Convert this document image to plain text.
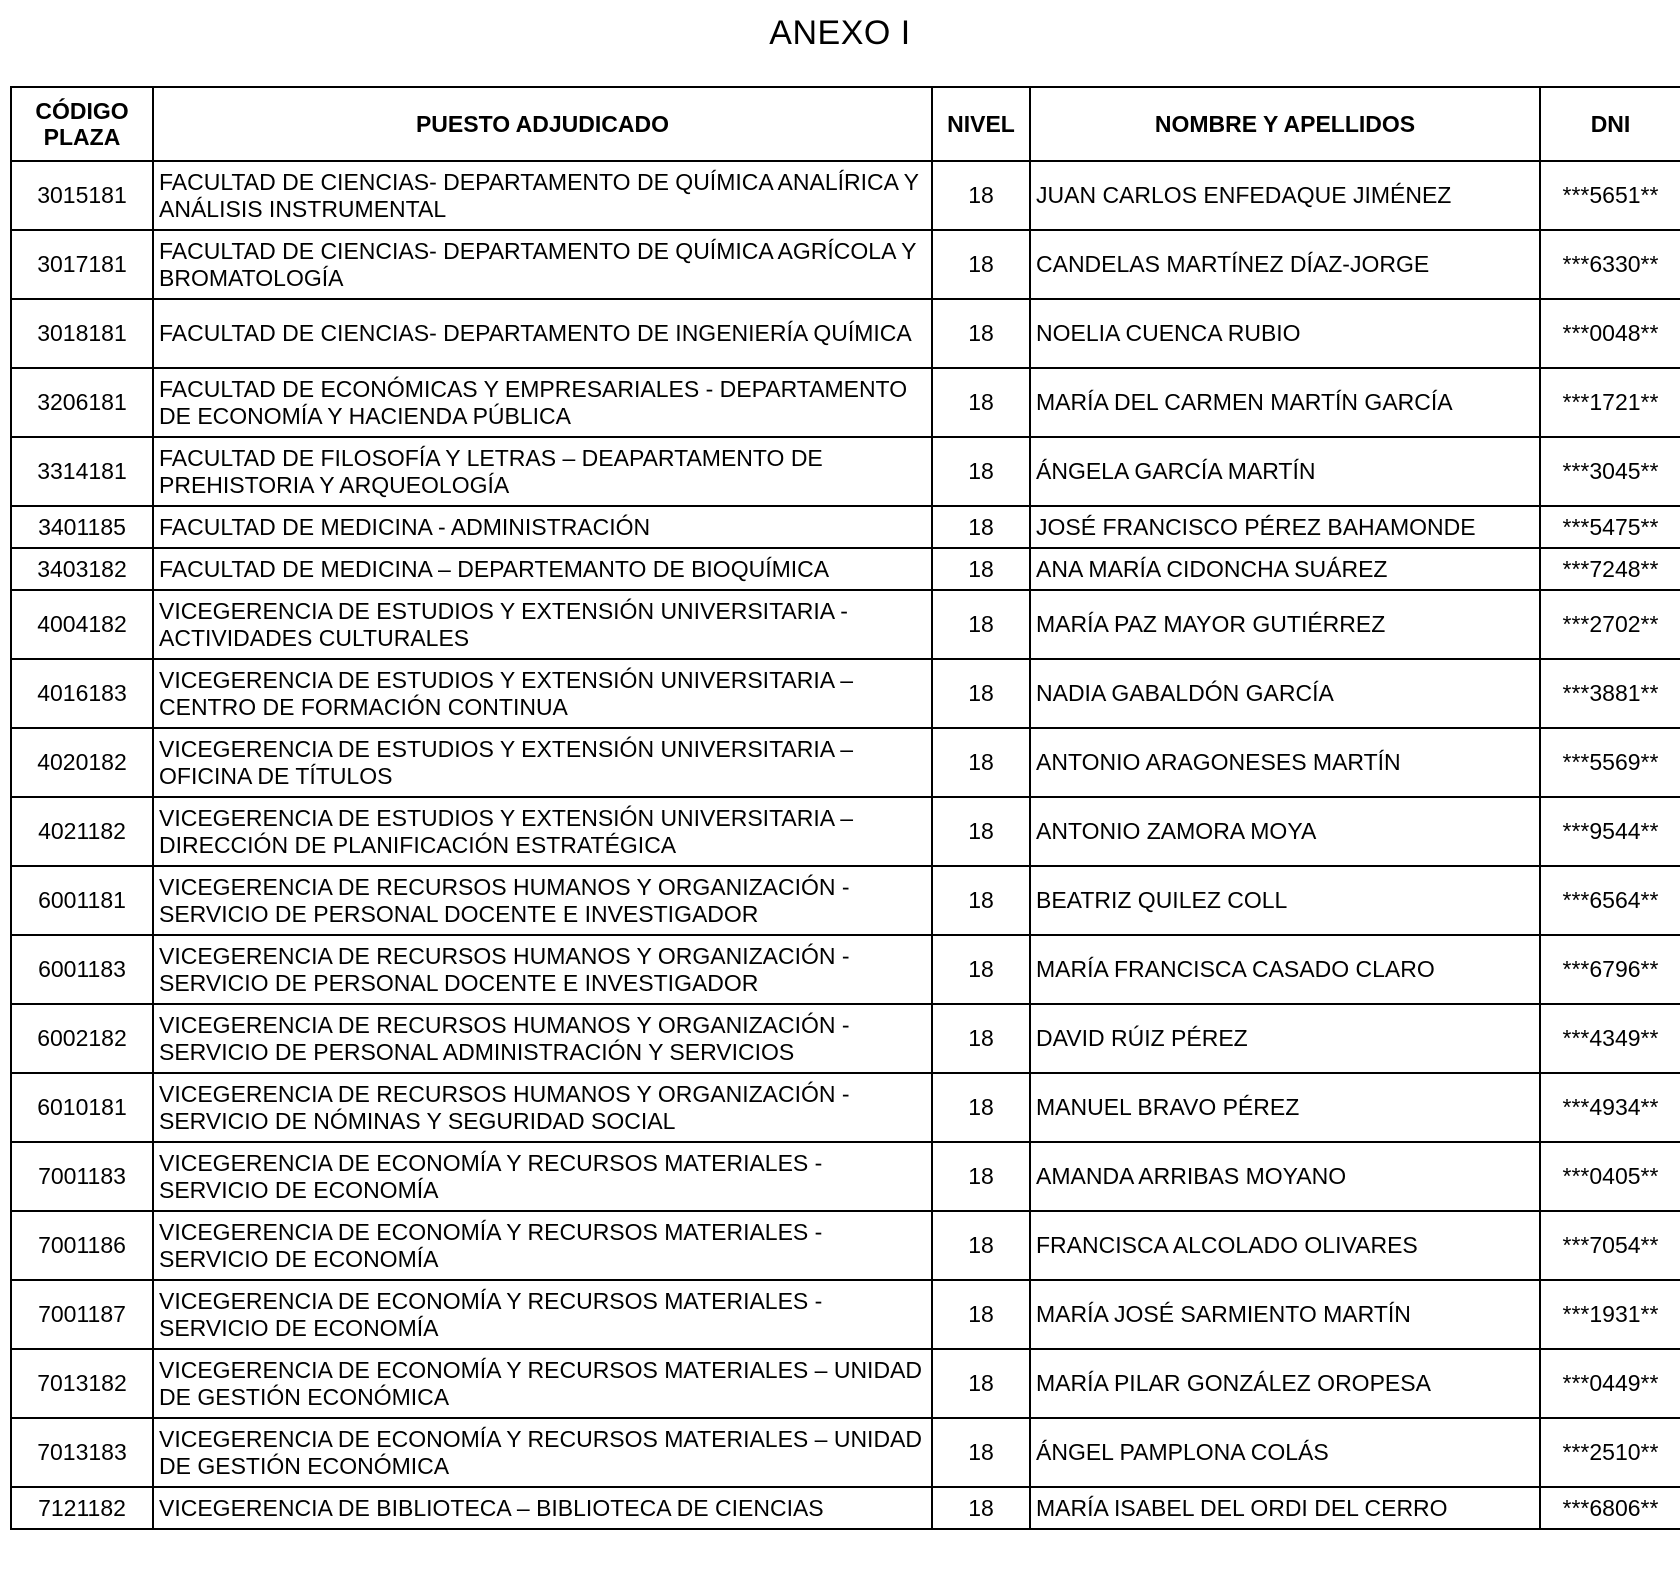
ANEXO I
CÓDIGO PLAZA	PUESTO ADJUDICADO	NIVEL	NOMBRE Y APELLIDOS	DNI
3015181	FACULTAD DE CIENCIAS- DEPARTAMENTO DE QUÍMICA ANALÍRICA Y ANÁLISIS INSTRUMENTAL	18	JUAN CARLOS ENFEDAQUE JIMÉNEZ	***5651**
3017181	FACULTAD DE CIENCIAS- DEPARTAMENTO DE QUÍMICA AGRÍCOLA Y BROMATOLOGÍA	18	CANDELAS MARTÍNEZ DÍAZ-JORGE	***6330**
3018181	FACULTAD DE CIENCIAS- DEPARTAMENTO DE INGENIERÍA QUÍMICA	18	NOELIA CUENCA RUBIO	***0048**
3206181	FACULTAD DE ECONÓMICAS Y EMPRESARIALES - DEPARTAMENTO DE ECONOMÍA Y HACIENDA PÚBLICA	18	MARÍA DEL CARMEN MARTÍN GARCÍA	***1721**
3314181	FACULTAD DE FILOSOFÍA Y LETRAS – DEAPARTAMENTO DE PREHISTORIA Y ARQUEOLOGÍA	18	ÁNGELA GARCÍA MARTÍN	***3045**
3401185	FACULTAD DE MEDICINA - ADMINISTRACIÓN	18	JOSÉ FRANCISCO PÉREZ BAHAMONDE	***5475**
3403182	FACULTAD DE MEDICINA – DEPARTEMANTO DE BIOQUÍMICA	18	ANA MARÍA CIDONCHA SUÁREZ	***7248**
4004182	VICEGERENCIA DE ESTUDIOS Y EXTENSIÓN UNIVERSITARIA - ACTIVIDADES CULTURALES	18	MARÍA PAZ MAYOR GUTIÉRREZ	***2702**
4016183	VICEGERENCIA DE ESTUDIOS Y EXTENSIÓN UNIVERSITARIA – CENTRO DE FORMACIÓN CONTINUA	18	NADIA GABALDÓN GARCÍA	***3881**
4020182	VICEGERENCIA DE ESTUDIOS Y EXTENSIÓN UNIVERSITARIA – OFICINA DE TÍTULOS	18	ANTONIO ARAGONESES MARTÍN	***5569**
4021182	VICEGERENCIA DE ESTUDIOS Y EXTENSIÓN UNIVERSITARIA – DIRECCIÓN DE PLANIFICACIÓN ESTRATÉGICA	18	ANTONIO ZAMORA MOYA	***9544**
6001181	VICEGERENCIA DE RECURSOS HUMANOS Y ORGANIZACIÓN - SERVICIO DE PERSONAL DOCENTE E INVESTIGADOR	18	BEATRIZ QUILEZ COLL	***6564**
6001183	VICEGERENCIA DE RECURSOS HUMANOS Y ORGANIZACIÓN - SERVICIO DE PERSONAL DOCENTE E INVESTIGADOR	18	MARÍA FRANCISCA CASADO CLARO	***6796**
6002182	VICEGERENCIA DE RECURSOS HUMANOS Y ORGANIZACIÓN - SERVICIO DE PERSONAL ADMINISTRACIÓN Y SERVICIOS	18	DAVID RÚIZ PÉREZ	***4349**
6010181	VICEGERENCIA DE RECURSOS HUMANOS Y ORGANIZACIÓN - SERVICIO DE NÓMINAS Y SEGURIDAD SOCIAL	18	MANUEL BRAVO PÉREZ	***4934**
7001183	VICEGERENCIA DE ECONOMÍA Y RECURSOS MATERIALES - SERVICIO DE ECONOMÍA	18	AMANDA ARRIBAS MOYANO	***0405**
7001186	VICEGERENCIA DE ECONOMÍA Y RECURSOS MATERIALES - SERVICIO DE ECONOMÍA	18	FRANCISCA ALCOLADO OLIVARES	***7054**
7001187	VICEGERENCIA DE ECONOMÍA Y RECURSOS MATERIALES - SERVICIO DE ECONOMÍA	18	MARÍA JOSÉ SARMIENTO MARTÍN	***1931**
7013182	VICEGERENCIA DE ECONOMÍA Y RECURSOS MATERIALES – UNIDAD DE GESTIÓN ECONÓMICA	18	MARÍA PILAR GONZÁLEZ OROPESA	***0449**
7013183	VICEGERENCIA DE ECONOMÍA Y RECURSOS MATERIALES – UNIDAD DE GESTIÓN ECONÓMICA	18	ÁNGEL PAMPLONA COLÁS	***2510**
7121182	VICEGERENCIA DE BIBLIOTECA – BIBLIOTECA DE CIENCIAS	18	MARÍA ISABEL DEL ORDI DEL CERRO	***6806**
